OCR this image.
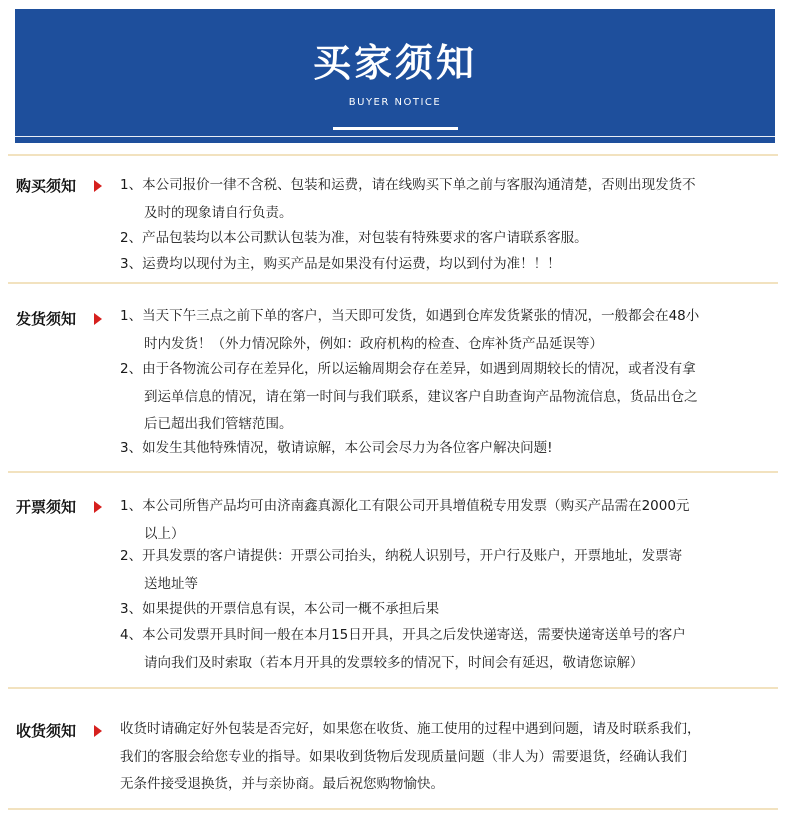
买家须知
BUYER NOTICE
购买须知	1、本公司报价一律不含税、包装和运费，请在线购买下单之前与客服沟通清楚，否则出现发货不
及时的现象请自行负责。
2、产品包装均以本公司默认包装为准，对包装有特殊要求的客户请联系客服。
3、运费均以现付为主，购买产品是如果没有付运费，均以到付为准！！！
发货须知	1、当天下午三点之前下单的客户，当天即可发货，如遇到仓库发货紧张的情况，一般都会在48小
时内发货！（外力情况除外，例如：政府机构的检查、仓库补货产品延误等）
2、由于各物流公司存在差异化，所以运输周期会存在差异，如遇到周期较长的情况，或者没有拿
到运单信息的情况，请在第一时间与我们联系，建议客户自助查询产品物流信息，货品出仓之
后已超出我们管辖范围。
3、如发生其他特殊情况，敬请谅解，本公司会尽力为各位客户解决问题!
开票须知	1、本公司所售产品均可由济南鑫真源化工有限公司开具增值税专用发票（购买产品需在2000元
以上）
2、开具发票的客户请提供：开票公司抬头，纳税人识别号，开户行及账户，开票地址，发票寄
送地址等
3、如果提供的开票信息有误，本公司一概不承担后果
4、本公司发票开具时间一般在本月15日开具，开具之后发快递寄送，需要快递寄送单号的客户
请向我们及时索取（若本月开具的发票较多的情况下，时间会有延迟，敬请您谅解）
收货须知	收货时请确定好外包装是否完好，如果您在收货、施工使用的过程中遇到问题，请及时联系我们，
我们的客服会给您专业的指导。如果收到货物后发现质量问题（非人为）需要退货，经确认我们
无条件接受退换货，并与亲协商。最后祝您购物愉快。
